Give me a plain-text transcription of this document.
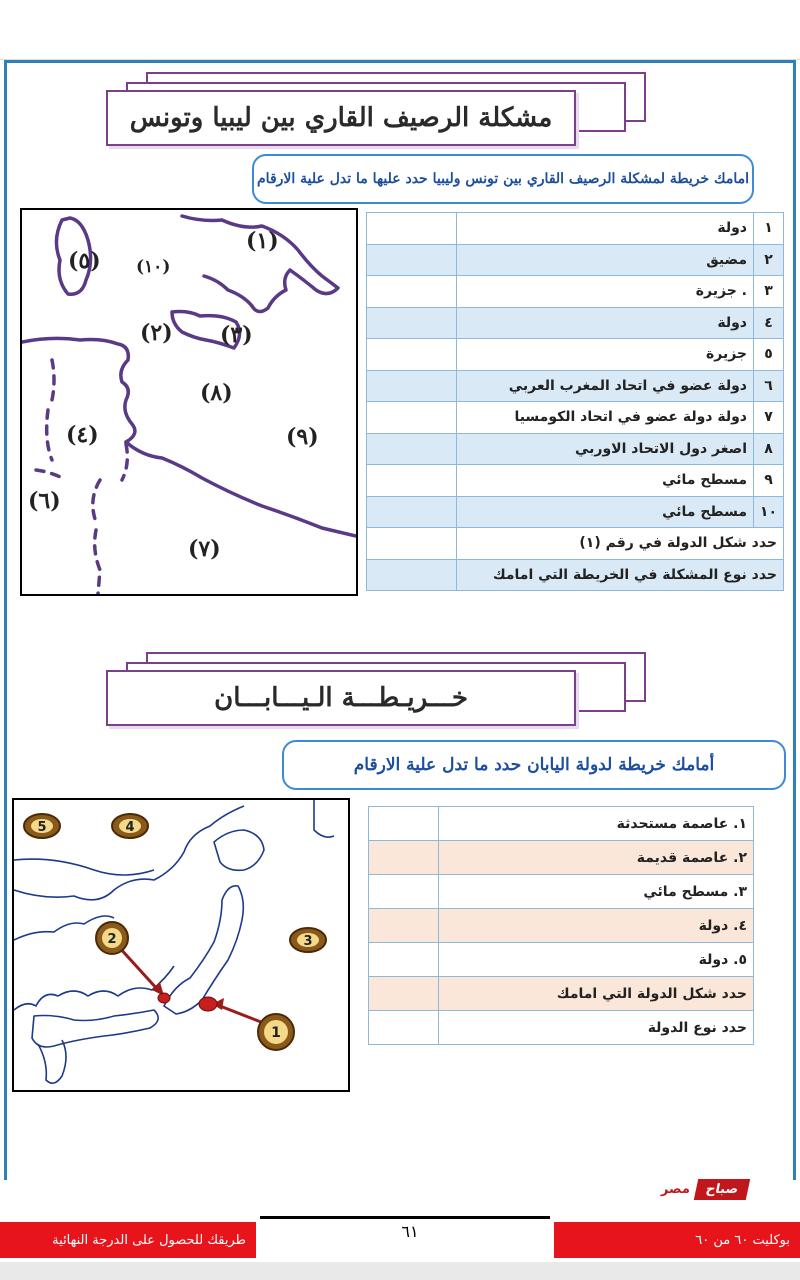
مشكلة الرصيف القاري بين ليبيا وتونس
امامك خريطة لمشكلة الرصيف القاري بين تونس وليبيا حدد عليها ما تدل علية الارقام
(١)
(٢) (٣)
(٤)
(٥)
(٦)
(٧)
(٨)
(٩)
(١٠)
١	دولة	
٢	مضيق	
٣	. جزيرة	
٤	دولة	
٥	جزيرة	
٦	دولة عضو في اتحاد المغرب العربي	
٧	دولة دولة عضو في اتحاد الكومسيا	
٨	اصغر دول الاتحاد الاوربي	
٩	مسطح مائي	
١٠	مسطح مائي	
حدد شكل الدولة في رقم (١)		
حدد نوع المشكلة في الخريطة التي امامك		
خـــريـطـــة الـيـــابـــان
أمامك خريطة لدولة اليابان حدد ما تدل علية الارقام
1
2	3
4
5	١. عاصمة مستحدثة	
٢. عاصمة قديمة	
٣. مسطح مائي	
٤. دولة	
٥. دولة	
حدد شكل الدولة التي امامك	
حدد نوع الدولة	
صباح
مصر
٦١	بوكليت ٦٠ من ٦٠
طريقك للحصول على الدرجة النهائية
